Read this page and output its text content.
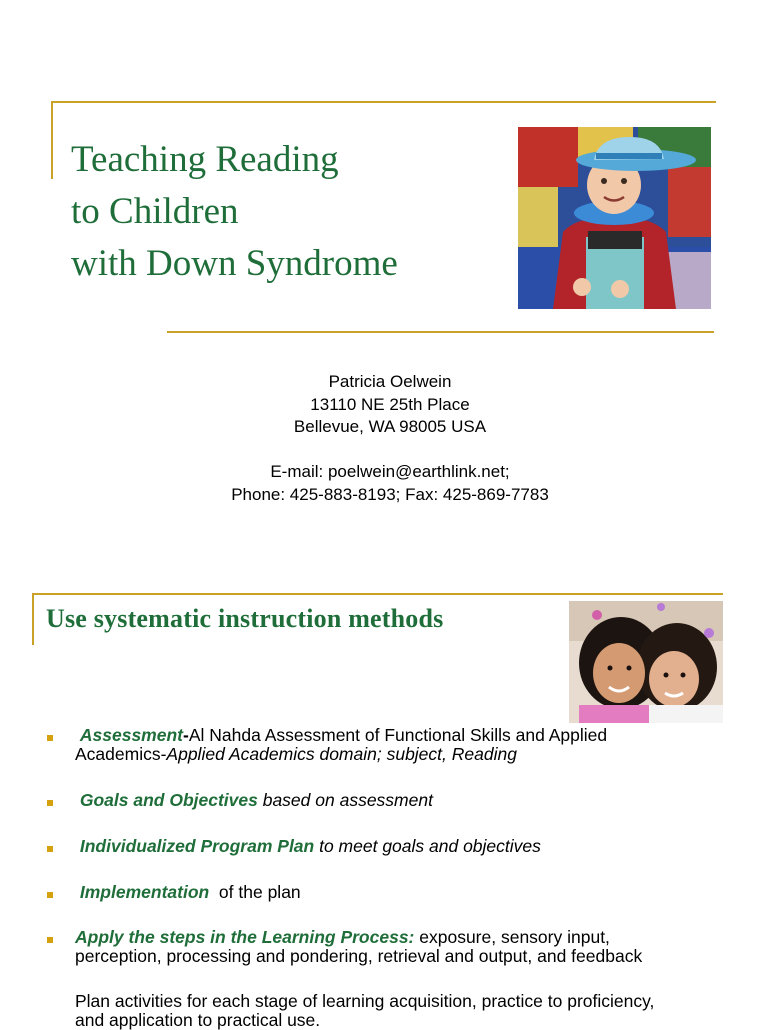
Teaching Reading
to Children
with Down Syndrome
Patricia Oelwein
13110 NE 25th Place
Bellevue, WA 98005 USA
E-mail: poelwein@earthlink.net;
Phone: 425-883-8193; Fax: 425-869-7783
Use systematic instruction methods
Assessment-Al Nahda Assessment of Functional Skills and Applied
Academics-Applied Academics domain; subject, Reading
Goals and Objectives based on assessment
Individualized Program Plan to meet goals and objectives
Implementation  of the plan
Apply the steps in the Learning Process: exposure, sensory input,
perception, processing and pondering, retrieval and output, and feedback
Plan activities for each stage of learning acquisition, practice to proficiency,
and application to practical use.
